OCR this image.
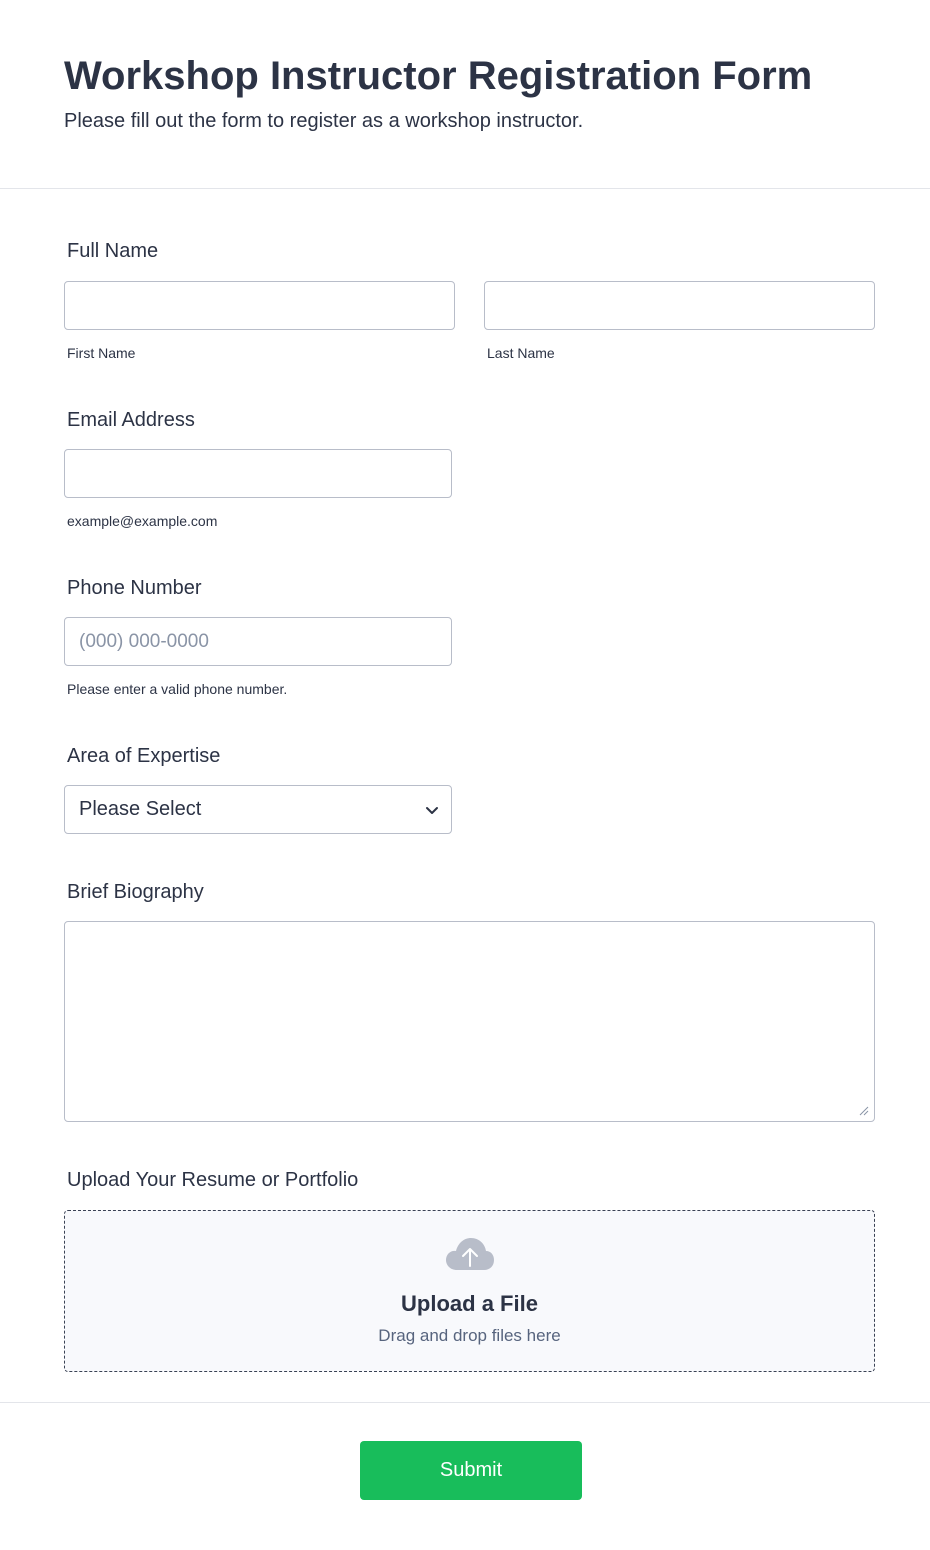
Workshop Instructor Registration Form

Please fill out the form to register as a workshop instructor.

Full Name
First Name	Last Name
Email Address
example@example.com
Phone Number
(000) 000-0000
Please enter a valid phone number.
Area of Expertise
Please Select
Brief Biography
Upload Your Resume or Portfolio
Upload a File
Drag and drop files here
Submit
